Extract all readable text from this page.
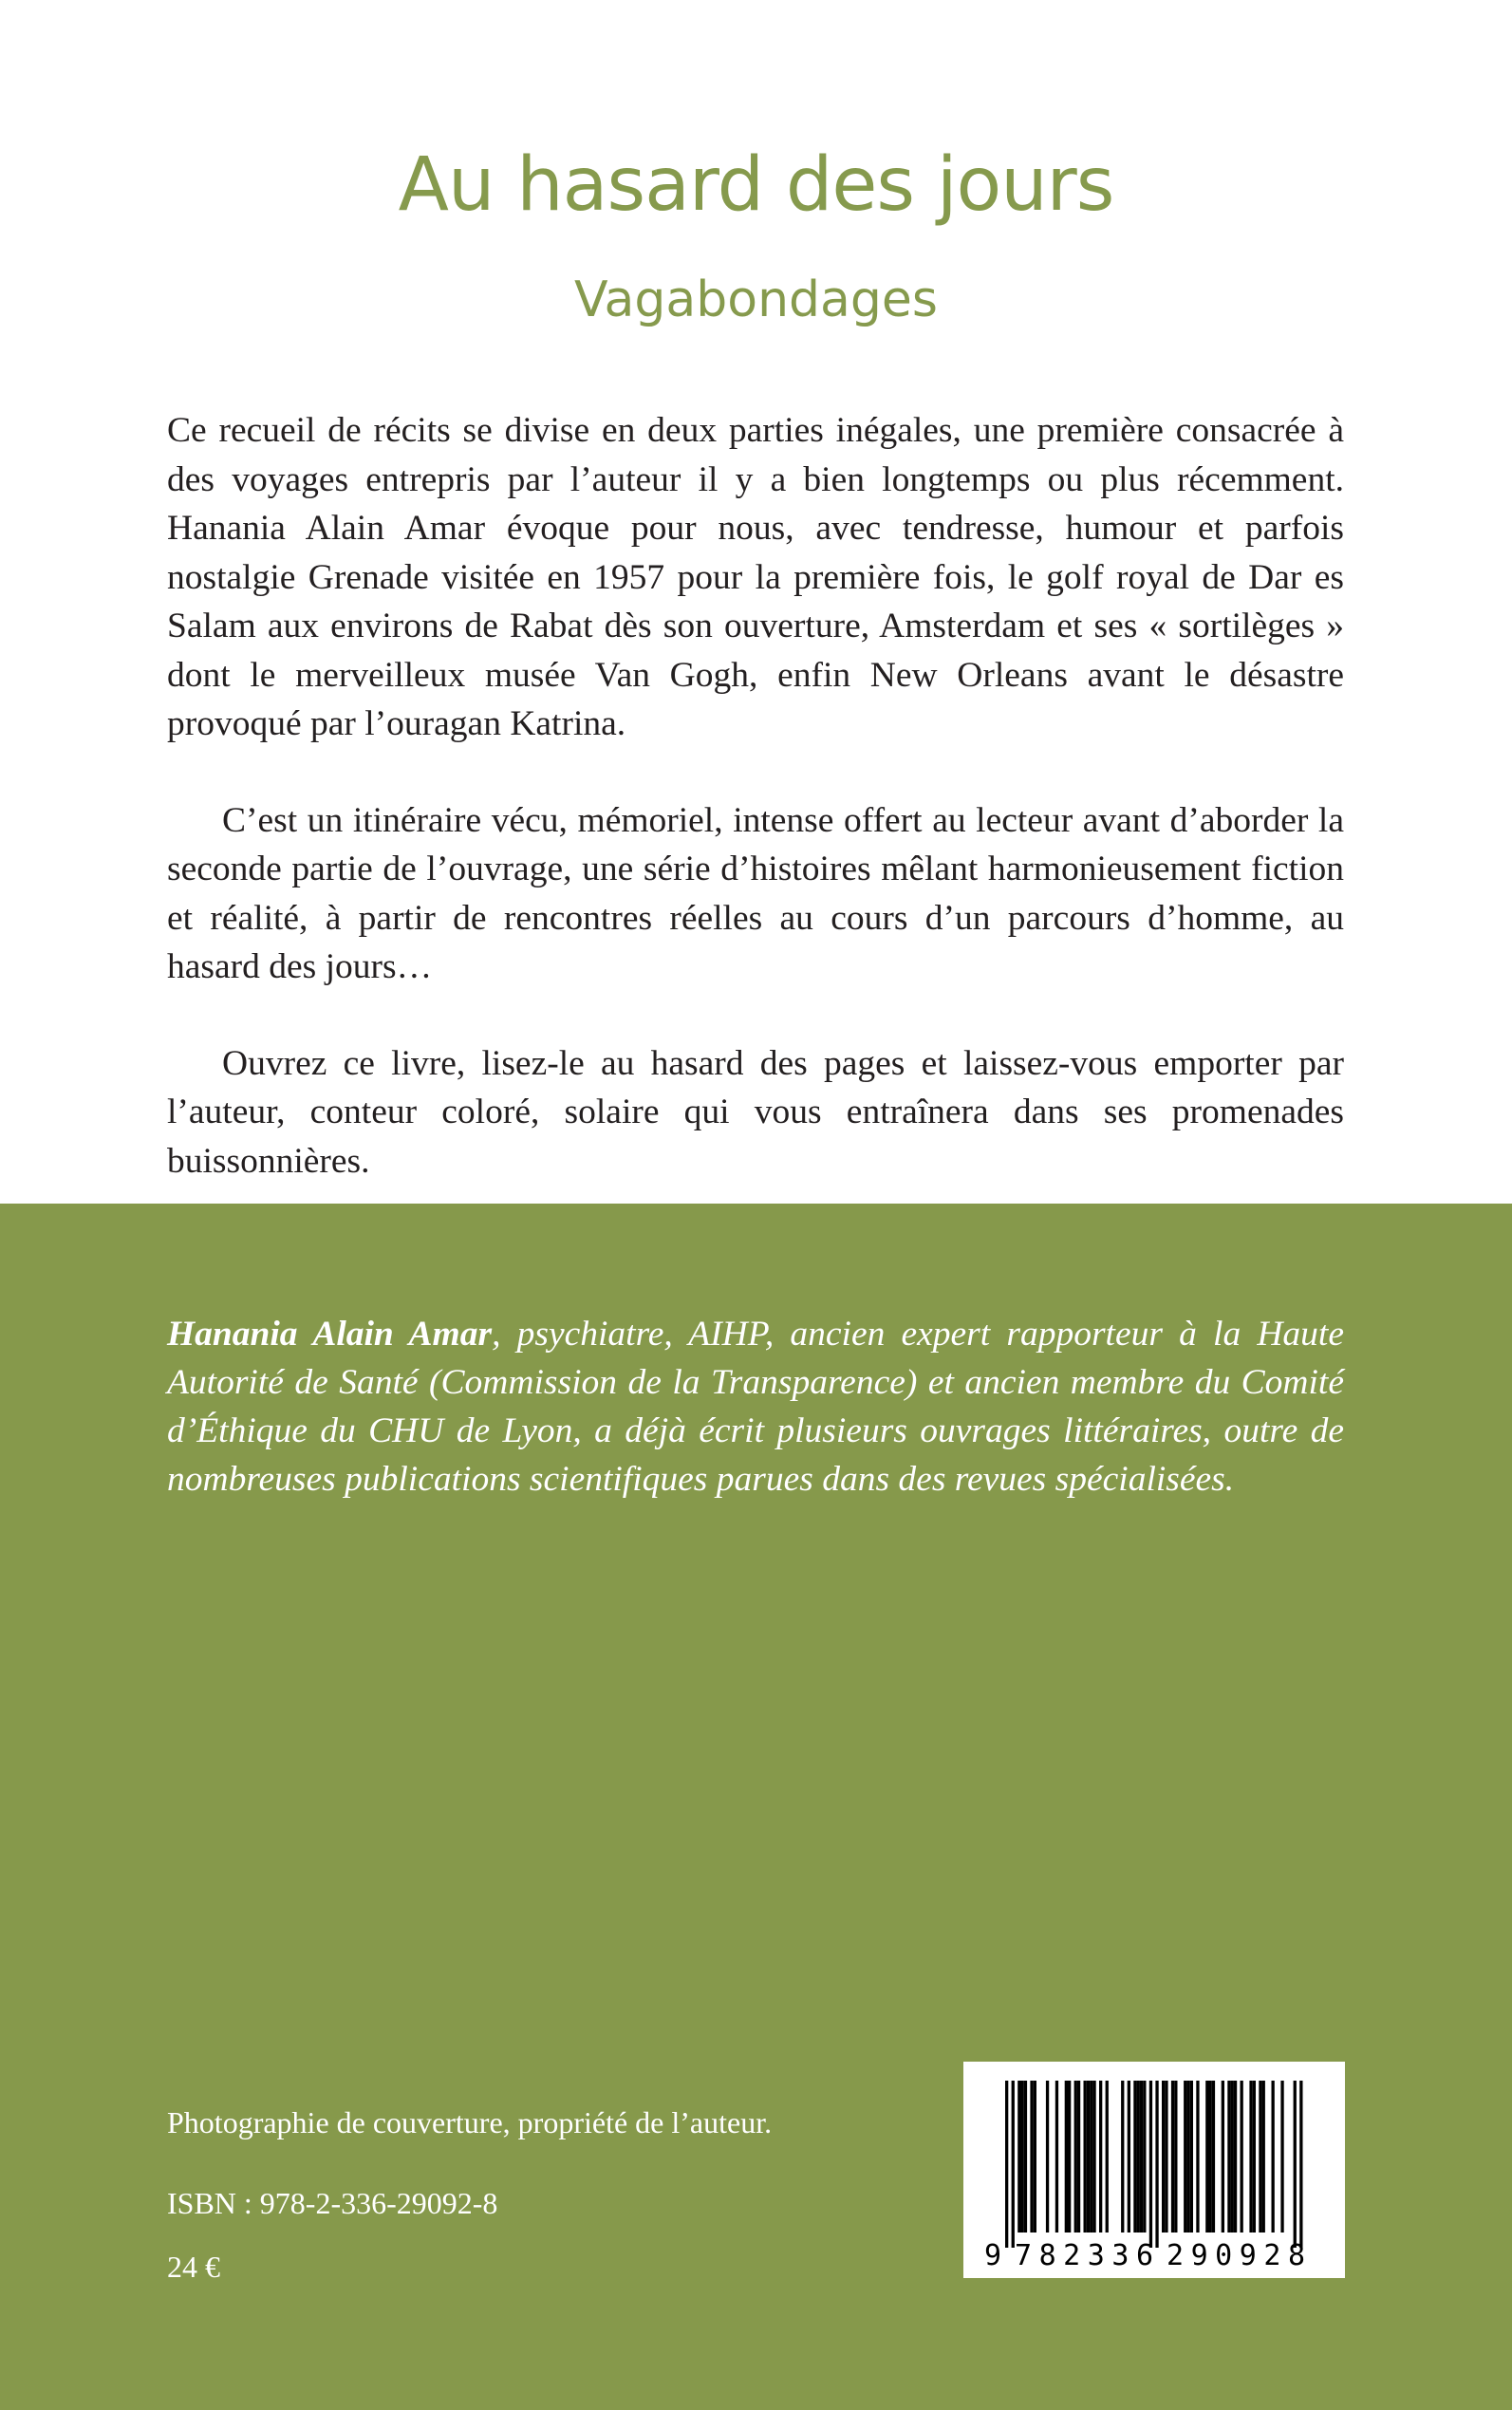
Au hasard des jours
Vagabondages

Ce recueil de récits se divise en deux parties inégales, une première consacrée à des voyages entrepris par l’auteur il y a bien longtemps ou plus récemment. Hanania Alain Amar évoque pour nous, avec tendresse, humour et parfois nostalgie Grenade visitée en 1957 pour la première fois, le golf royal de Dar es Salam aux environs de Rabat dès son ouverture, Amsterdam et ses « sortilèges » dont le merveilleux musée Van Gogh, enfin New Orleans avant le désastre provoqué par l’ouragan Katrina.

C’est un itinéraire vécu, mémoriel, intense offert au lecteur avant d’aborder la seconde partie de l’ouvrage, une série d’histoires mêlant harmonieusement fiction et réalité, à partir de rencontres réelles au cours d’un parcours d’homme, au hasard des jours…

Ouvrez ce livre, lisez-le au hasard des pages et laissez-vous emporter par l’auteur, conteur coloré, solaire qui vous entraînera dans ses promenades buissonnières.

Hanania Alain Amar, psychiatre, AIHP, ancien expert rapporteur à la Haute Autorité de Santé (Commission de la Transparence) et ancien membre du Comité d’Éthique du CHU de Lyon, a déjà écrit plusieurs ouvrages littéraires, outre de nombreuses publications scientifiques parues dans des revues spécialisées.

Photographie de couverture, propriété de l’auteur.

ISBN : 978-2-336-29092-8

24 €	9 782336 290928
